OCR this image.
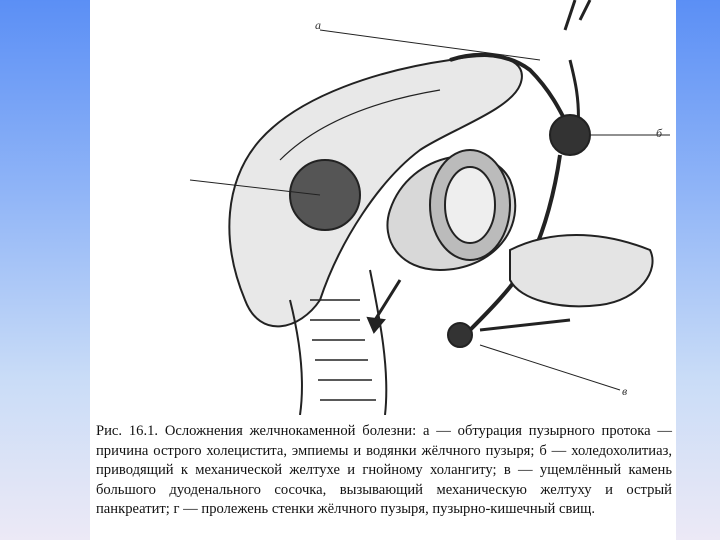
а
б
в

Рис. 16.1. Осложнения желчнокаменной болезни: а — обтурация пузырного протока — причина острого холецистита, эмпиемы и водянки жёлчного пузыря; б — холедохолитиаз, приводящий к механической желтухе и гнойному холангиту; в — ущемлённый камень большого дуоденального сосочка, вызывающий механическую желтуху и острый панкреатит; г — пролежень стенки жёлчного пузыря, пузырно-кишечный свищ.
